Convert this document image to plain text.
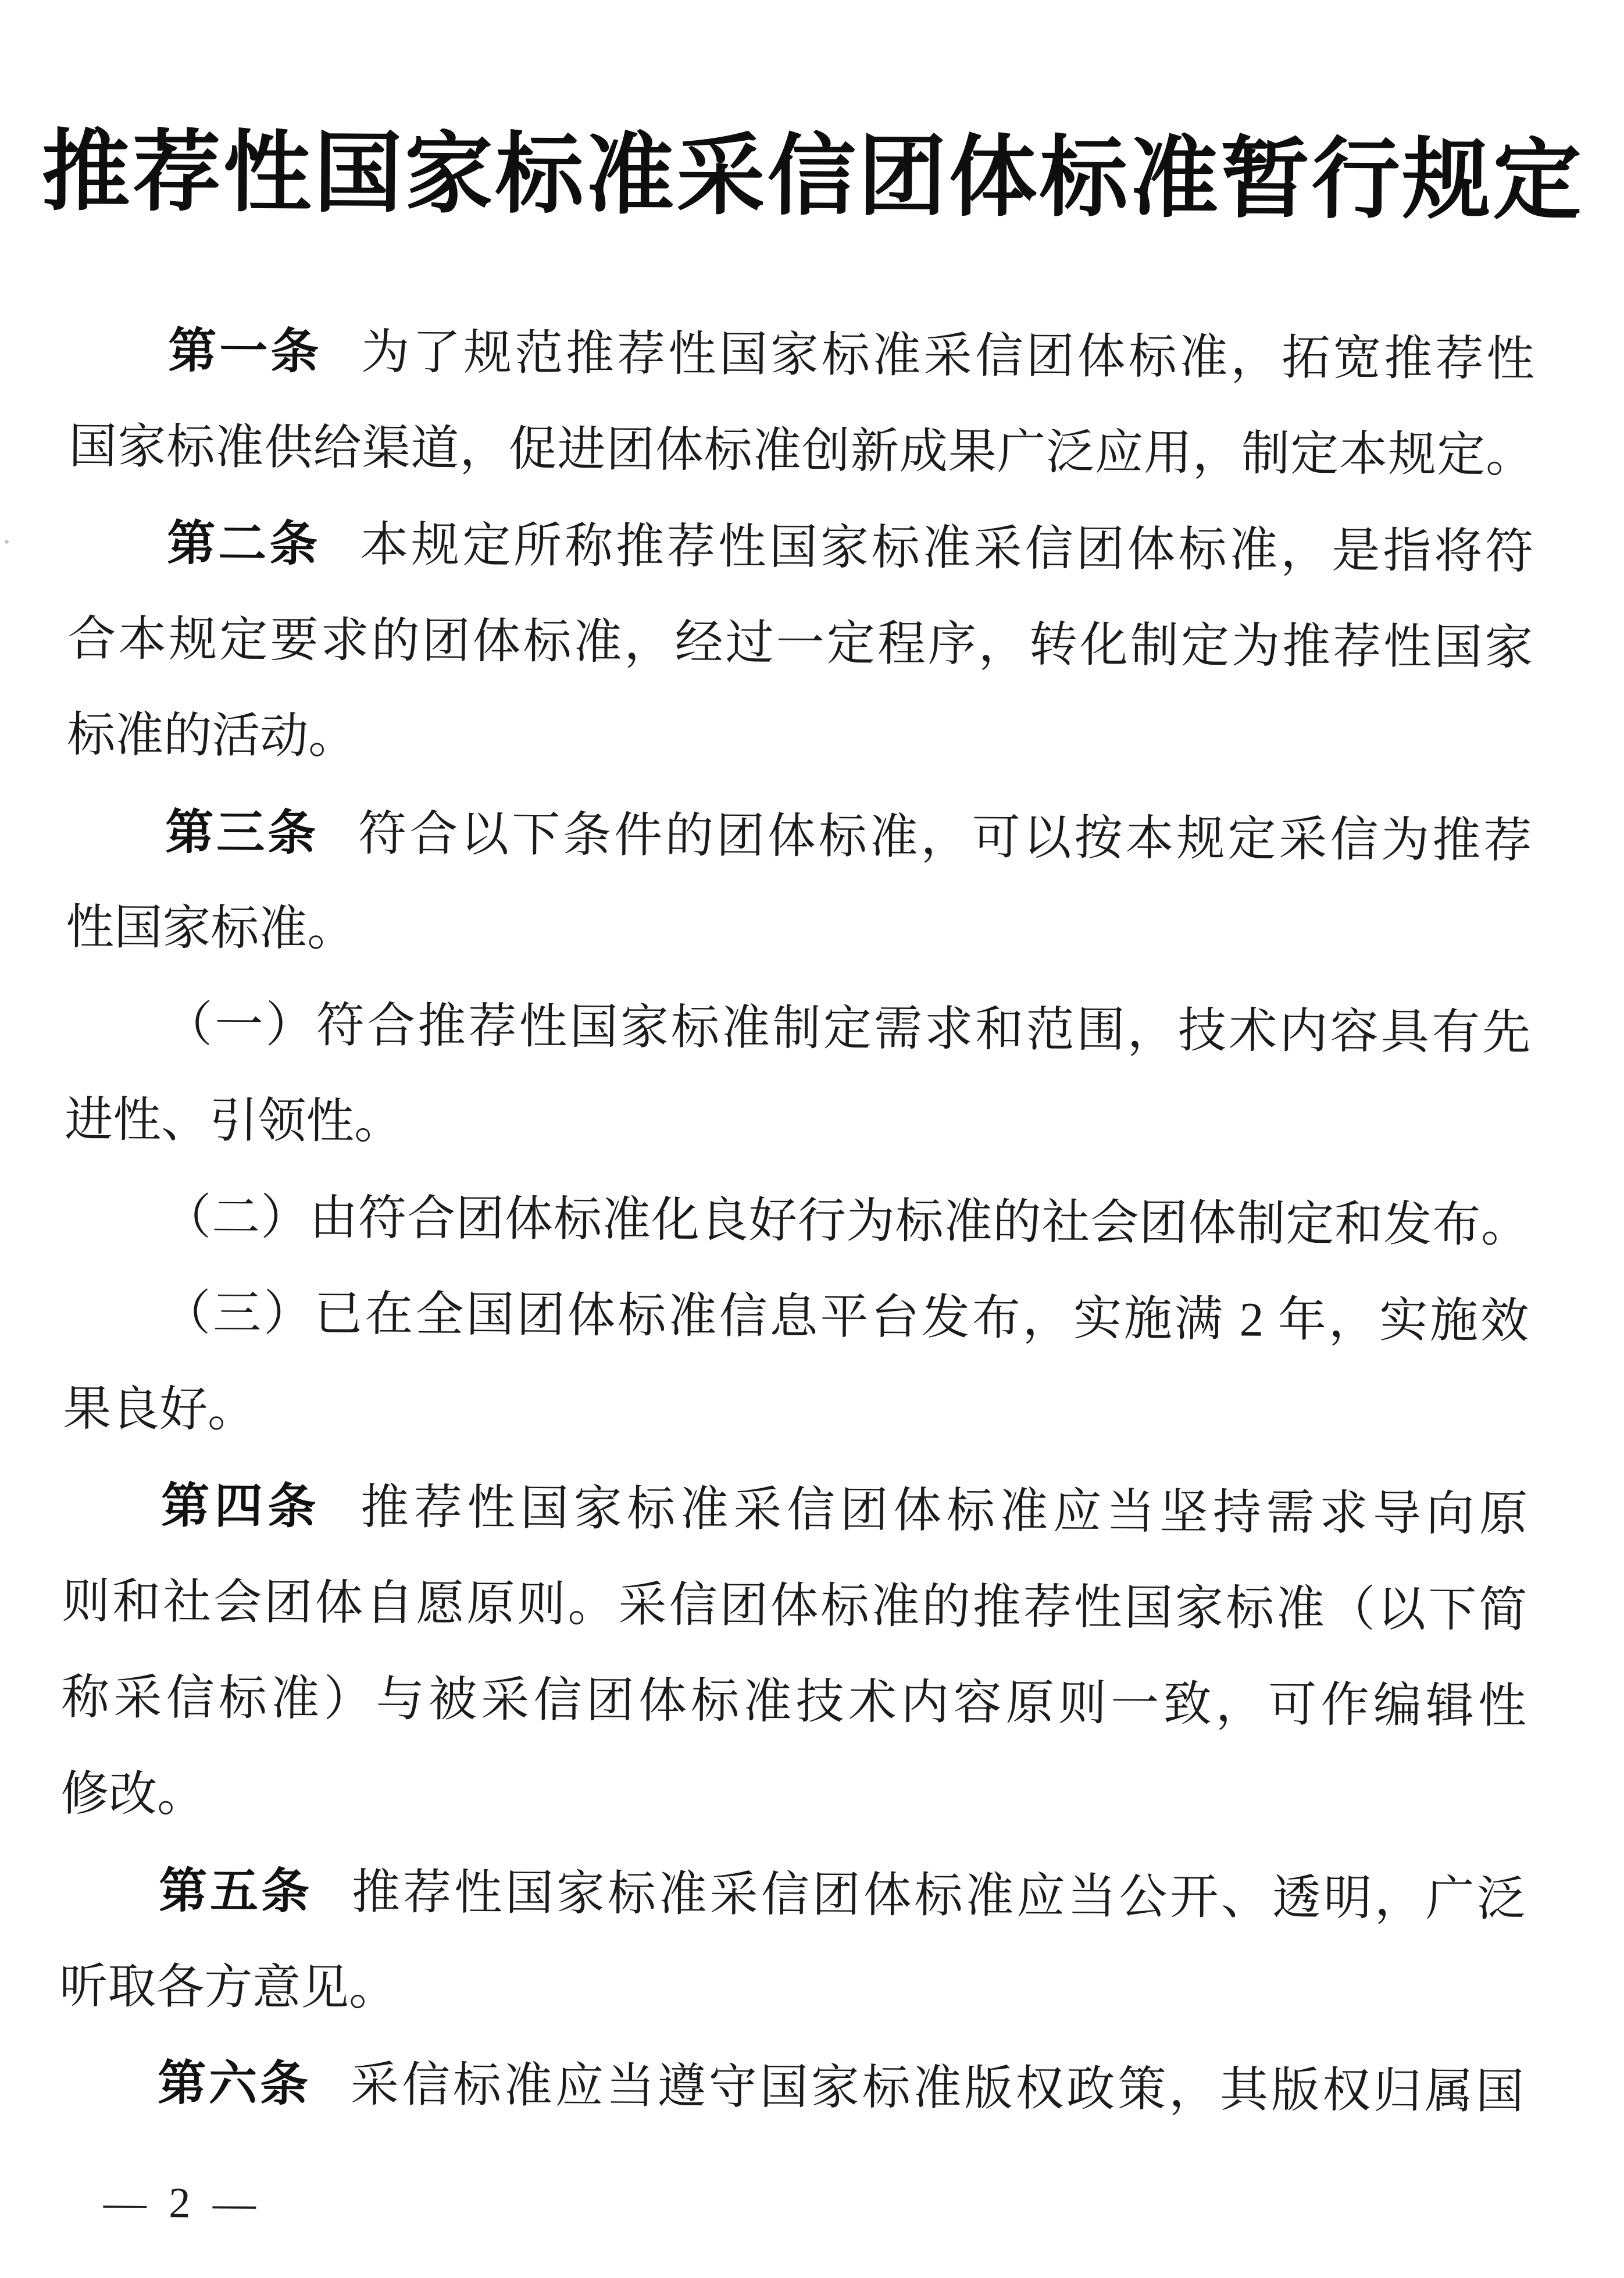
推荐性国家标准采信团体标准暂行规定
第一条 为了规范推荐性国家标准采信团体标准，拓宽推荐性
国家标准供给渠道，促进团体标准创新成果广泛应用，制定本规定。
第二条 本规定所称推荐性国家标准采信团体标准，是指将符
合本规定要求的团体标准，经过一定程序，转化制定为推荐性国家
标准的活动。
第三条 符合以下条件的团体标准，可以按本规定采信为推荐
性国家标准。
（一）符合推荐性国家标准制定需求和范围，技术内容具有先
进性、引领性。
（二）由符合团体标准化良好行为标准的社会团体制定和发布。
（三）已在全国团体标准信息平台发布，实施满 2 年，实施效
果良好。
第四条 推荐性国家标准采信团体标准应当坚持需求导向原
则和社会团体自愿原则。采信团体标准的推荐性国家标准（以下简
称采信标准）与被采信团体标准技术内容原则一致，可作编辑性
修改。
第五条 推荐性国家标准采信团体标准应当公开、透明，广泛
听取各方意见。
第六条 采信标准应当遵守国家标准版权政策，其版权归属国
— 2 —
